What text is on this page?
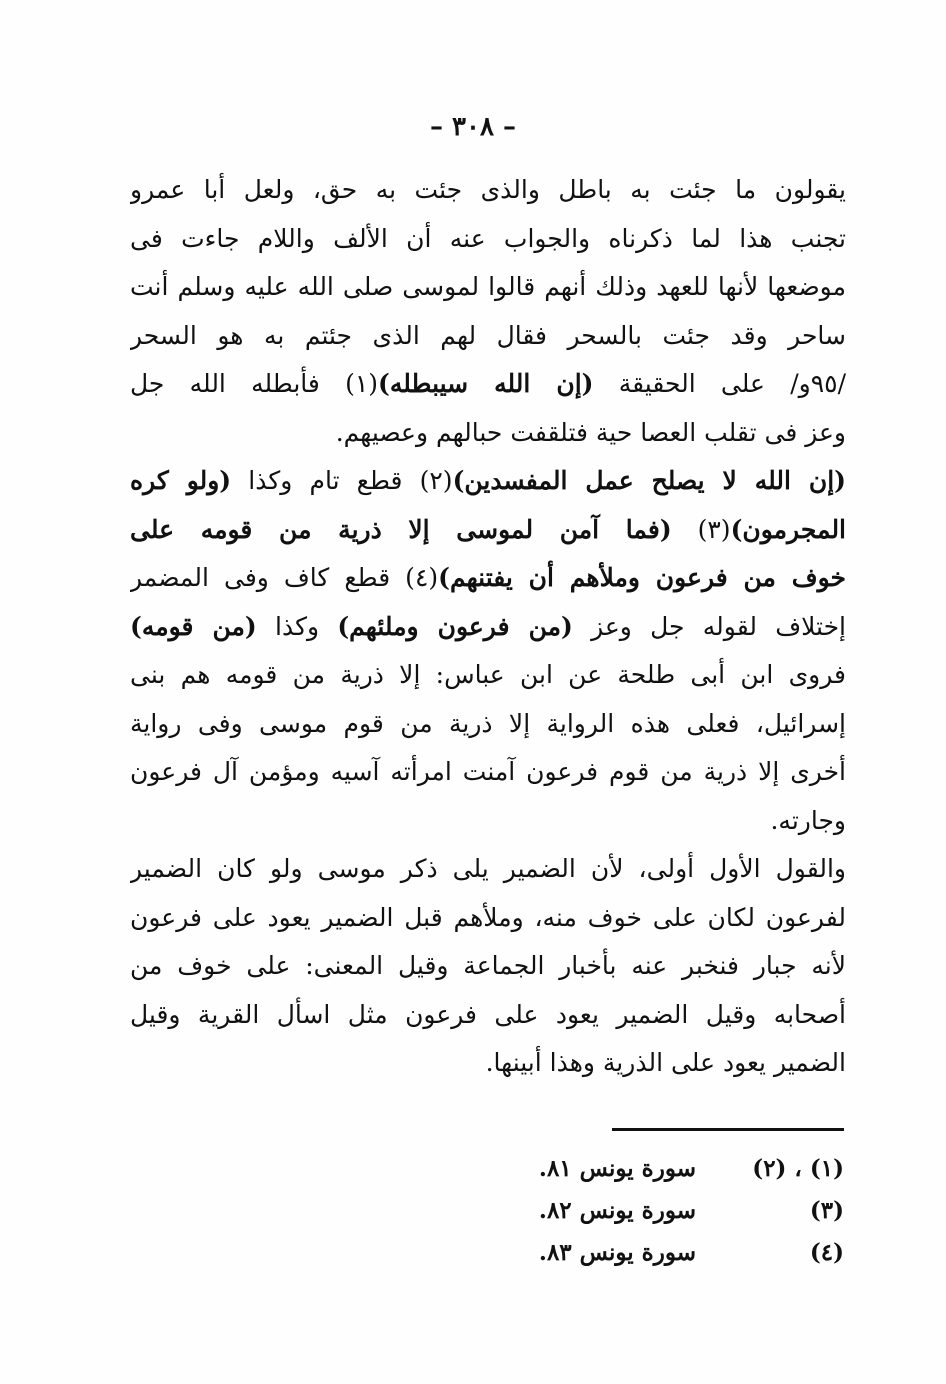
– ٣٠٨ –
يقولون ما جئت به باطل والذى جئت به حق، ولعل أبا عمرو
تجنب هذا لما ذكرناه والجواب عنه أن الألف واللام جاءت فى
موضعها لأنها للعهد وذلك أنهم قالوا لموسى صلى الله عليه وسلم أنت
ساحر وقد جئت بالسحر فقال لهم الذى جئتم به هو السحر
/٩٥و/ على الحقيقة (إن الله سيبطله)(١) فأبطله الله جل
وعز فى تقلب العصا حية فتلقفت حبالهم وعصيهم.
(إن الله لا يصلح عمل المفسدين)(٢) قطع تام وكذا (ولو كره
المجرمون)(٣) (فما آمن لموسى إلا ذرية من قومه على
خوف من فرعون وملأهم أن يفتنهم)(٤) قطع كاف وفى المضمر
إختلاف لقوله جل وعز (من فرعون وملئهم) وكذا (من قومه)
فروى ابن أبى طلحة عن ابن عباس: إلا ذرية من قومه هم بنى
إسرائيل، فعلى هذه الرواية إلا ذرية من قوم موسى وفى رواية
أخرى إلا ذرية من قوم فرعون آمنت امرأته آسيه ومؤمن آل فرعون
وجارته.
والقول الأول أولى، لأن الضمير يلى ذكر موسى ولو كان الضمير
لفرعون لكان على خوف منه، وملأهم قبل الضمير يعود على فرعون
لأنه جبار فنخبر عنه بأخبار الجماعة وقيل المعنى: على خوف من
أصحابه وقيل الضمير يعود على فرعون مثل اسأل القرية وقيل
الضمير يعود على الذرية وهذا أبينها.
(١) ، (٢)
سورة يونس ٨١.
(٣)
سورة يونس ٨٢.
(٤)
سورة يونس ٨٣.
